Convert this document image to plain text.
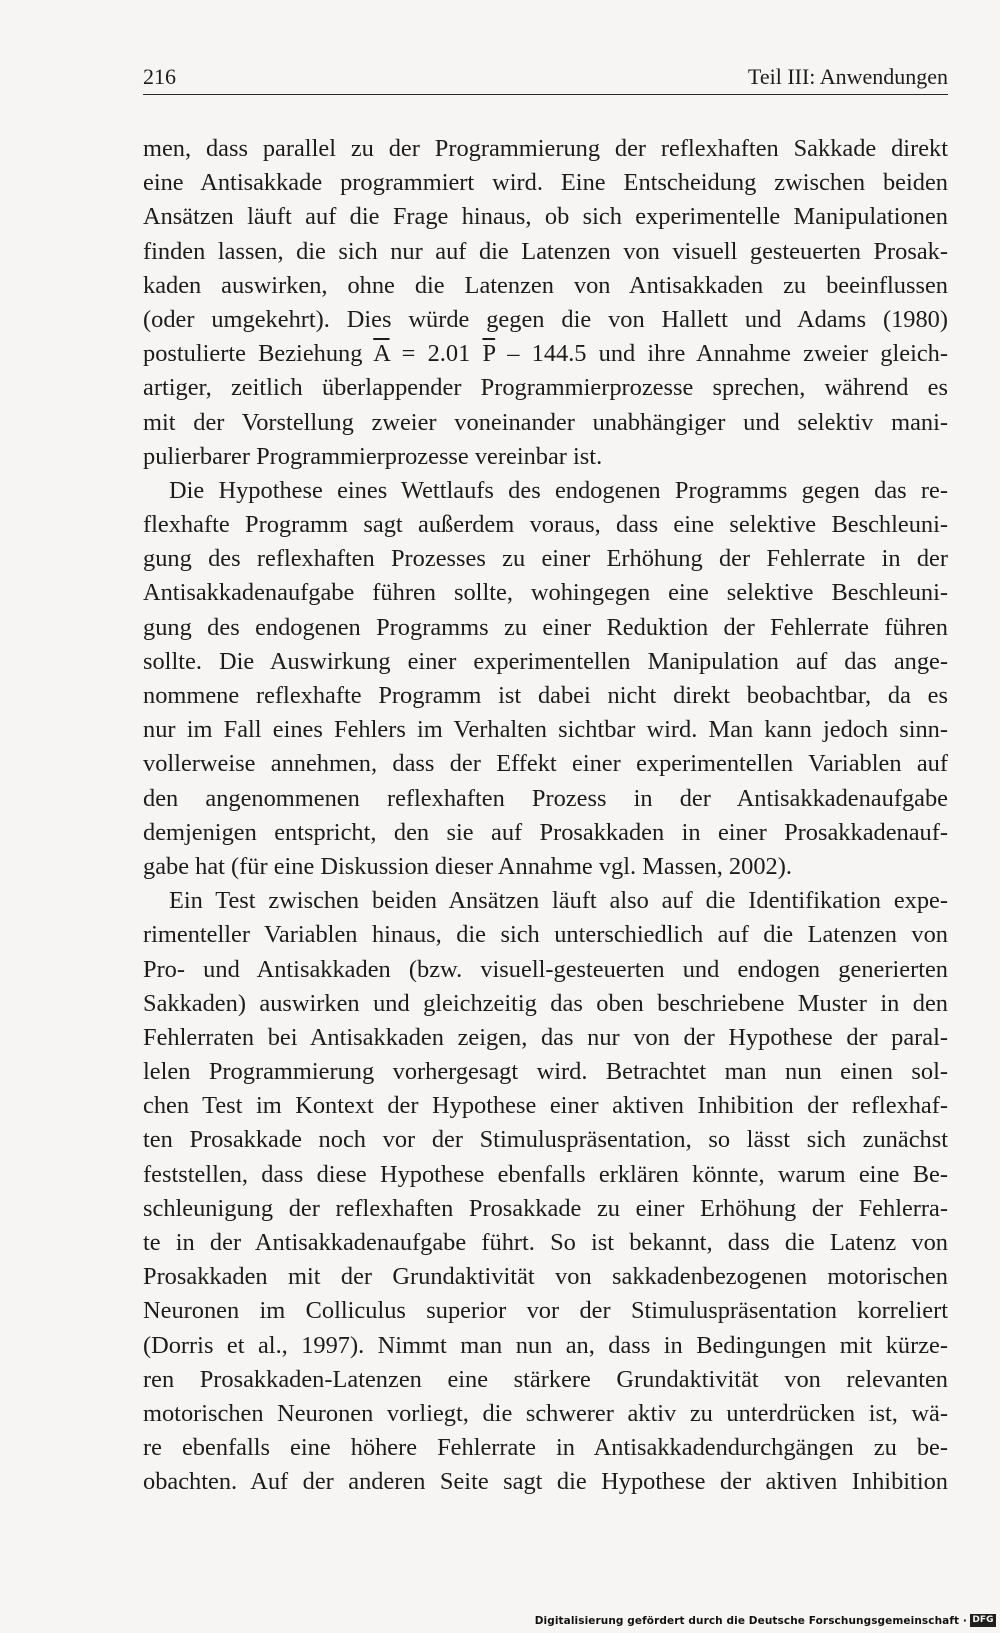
216	Teil III: Anwendungen
men, dass parallel zu der Programmierung der reflexhaften Sakkade direkt
eine Antisakkade programmiert wird. Eine Entscheidung zwischen beiden
Ansätzen läuft auf die Frage hinaus, ob sich experimentelle Manipulationen
finden lassen, die sich nur auf die Latenzen von visuell gesteuerten Prosak-
kaden auswirken, ohne die Latenzen von Antisakkaden zu beeinflussen
(oder umgekehrt). Dies würde gegen die von Hallett und Adams (1980)
postulierte Beziehung $\overline{A} = 2.01$ $\overline{P} - 144.5$ und ihre Annahme zweier gleich-
artiger, zeitlich überlappender Programmierprozesse sprechen, während es
mit der Vorstellung zweier voneinander unabhängiger und selektiv mani-
pulierbarer Programmierprozesse vereinbar ist.
Die Hypothese eines Wettlaufs des endogenen Programms gegen das re-
flexhafte Programm sagt außerdem voraus, dass eine selektive Beschleuni-
gung des reflexhaften Prozesses zu einer Erhöhung der Fehlerrate in der
Antisakkadenaufgabe führen sollte, wohingegen eine selektive Beschleuni-
gung des endogenen Programms zu einer Reduktion der Fehlerrate führen
sollte. Die Auswirkung einer experimentellen Manipulation auf das ange-
nommene reflexhafte Programm ist dabei nicht direkt beobachtbar, da es
nur im Fall eines Fehlers im Verhalten sichtbar wird. Man kann jedoch sinn-
vollerweise annehmen, dass der Effekt einer experimentellen Variablen auf
den angenommenen reflexhaften Prozess in der Antisakkadenaufgabe
demjenigen entspricht, den sie auf Prosakkaden in einer Prosakkadenauf-
gabe hat (für eine Diskussion dieser Annahme vgl. Massen, 2002).
Ein Test zwischen beiden Ansätzen läuft also auf die Identifikation expe-
rimenteller Variablen hinaus, die sich unterschiedlich auf die Latenzen von
Pro- und Antisakkaden (bzw. visuell-gesteuerten und endogen generierten
Sakkaden) auswirken und gleichzeitig das oben beschriebene Muster in den
Fehlerraten bei Antisakkaden zeigen, das nur von der Hypothese der paral-
lelen Programmierung vorhergesagt wird. Betrachtet man nun einen sol-
chen Test im Kontext der Hypothese einer aktiven Inhibition der reflexhaf-
ten Prosakkade noch vor der Stimuluspräsentation, so lässt sich zunächst
feststellen, dass diese Hypothese ebenfalls erklären könnte, warum eine Be-
schleunigung der reflexhaften Prosakkade zu einer Erhöhung der Fehlerra-
te in der Antisakkadenaufgabe führt. So ist bekannt, dass die Latenz von
Prosakkaden mit der Grundaktivität von sakkadenbezogenen motorischen
Neuronen im Colliculus superior vor der Stimuluspräsentation korreliert
(Dorris et al., 1997). Nimmt man nun an, dass in Bedingungen mit kürze-
ren Prosakkaden-Latenzen eine stärkere Grundaktivität von relevanten
motorischen Neuronen vorliegt, die schwerer aktiv zu unterdrücken ist, wä-
re ebenfalls eine höhere Fehlerrate in Antisakkadendurchgängen zu be-
obachten. Auf der anderen Seite sagt die Hypothese der aktiven Inhibition
Digitalisierung gefördert durch die Deutsche Forschungsgemeinschaft · DFG
